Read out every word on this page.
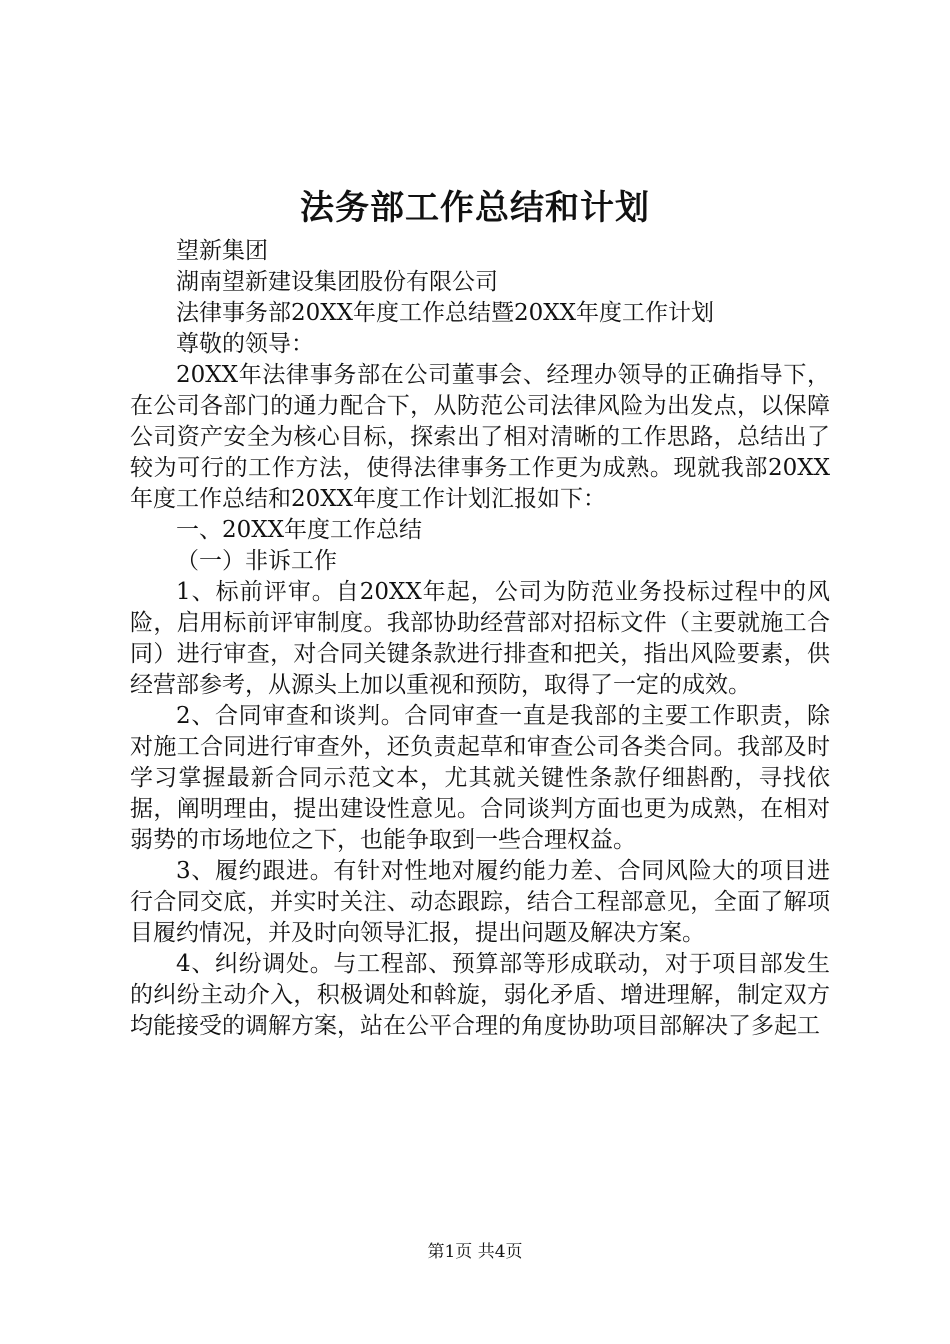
法务部工作总结和计划

望新集团

湖南望新建设集团股份有限公司

法律事务部20XX年度工作总结暨20XX年度工作计划

尊敬的领导：

20XX年法律事务部在公司董事会、经理办领导的正确指导下，在公司各部门的通力配合下，从防范公司法律风险为出发点，以保障公司资产安全为核心目标，探索出了相对清晰的工作思路，总结出了较为可行的工作方法，使得法律事务工作更为成熟。现就我部20XX年度工作总结和20XX年度工作计划汇报如下：

一、20XX年度工作总结

（一）非诉工作

1、标前评审。自20XX年起，公司为防范业务投标过程中的风险，启用标前评审制度。我部协助经营部对招标文件（主要就施工合同）进行审查，对合同关键条款进行排查和把关，指出风险要素，供经营部参考，从源头上加以重视和预防，取得了一定的成效。

2、合同审查和谈判。合同审查一直是我部的主要工作职责，除对施工合同进行审查外，还负责起草和审查公司各类合同。我部及时学习掌握最新合同示范文本，尤其就关键性条款仔细斟酌，寻找依据，阐明理由，提出建设性意见。合同谈判方面也更为成熟，在相对弱势的市场地位之下，也能争取到一些合理权益。

3、履约跟进。有针对性地对履约能力差、合同风险大的项目进行合同交底，并实时关注、动态跟踪，结合工程部意见，全面了解项目履约情况，并及时向领导汇报，提出问题及解决方案。

4、纠纷调处。与工程部、预算部等形成联动，对于项目部发生的纠纷主动介入，积极调处和斡旋，弱化矛盾、增进理解，制定双方均能接受的调解方案，站在公平合理的角度协助项目部解决了多起工

第1页 共4页
